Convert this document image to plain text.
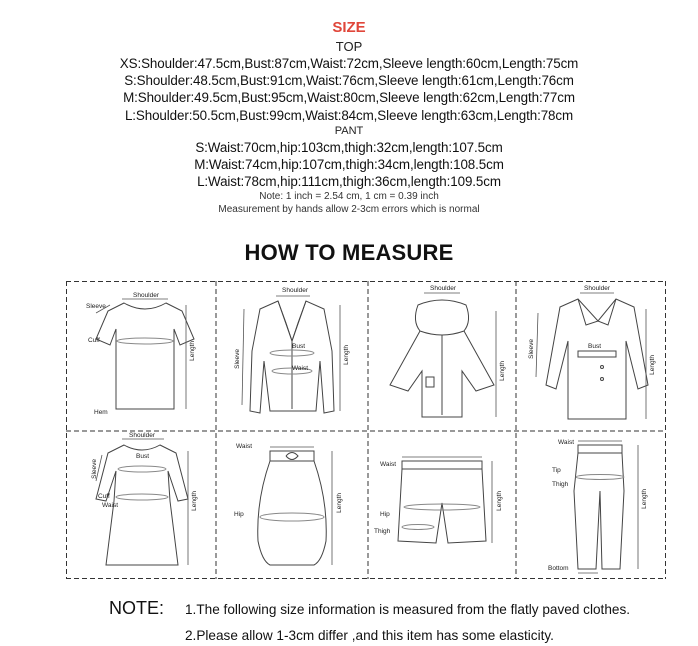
SIZE
TOP
XS:Shoulder:47.5cm,Bust:87cm,Waist:72cm,Sleeve length:60cm,Length:75cm
S:Shoulder:48.5cm,Bust:91cm,Waist:76cm,Sleeve length:61cm,Length:76cm
M:Shoulder:49.5cm,Bust:95cm,Waist:80cm,Sleeve length:62cm,Length:77cm
L:Shoulder:50.5cm,Bust:99cm,Waist:84cm,Sleeve length:63cm,Length:78cm
PANT
S:Waist:70cm,hip:103cm,thigh:32cm,length:107.5cm
M:Waist:74cm,hip:107cm,thigh:34cm,length:108.5cm
L:Waist:78cm,hip:111cm,thigh:36cm,length:109.5cm
Note: 1 inch = 2.54 cm, 1 cm = 0.39 inch
Measurement by hands allow 2-3cm errors which is normal
HOW TO MEASURE
Sleeve
Shoulder
Cuff
Length
Hem
Shoulder
Sleeve
Bust
Waist
Length
Shoulder
Length
Shoulder
Sleeve	Bust
Length
Shoulder
Sleeve
Bust
Cuff
Waist	Length
Waist
Hip
Length
Waist
Hip
Thigh
Length
Waist
Tip
Thigh
Length
Bottom
NOTE: 1.The following size information is measured from the flatly paved clothes.
2.Please allow 1-3cm differ ,and this item has some elasticity.
